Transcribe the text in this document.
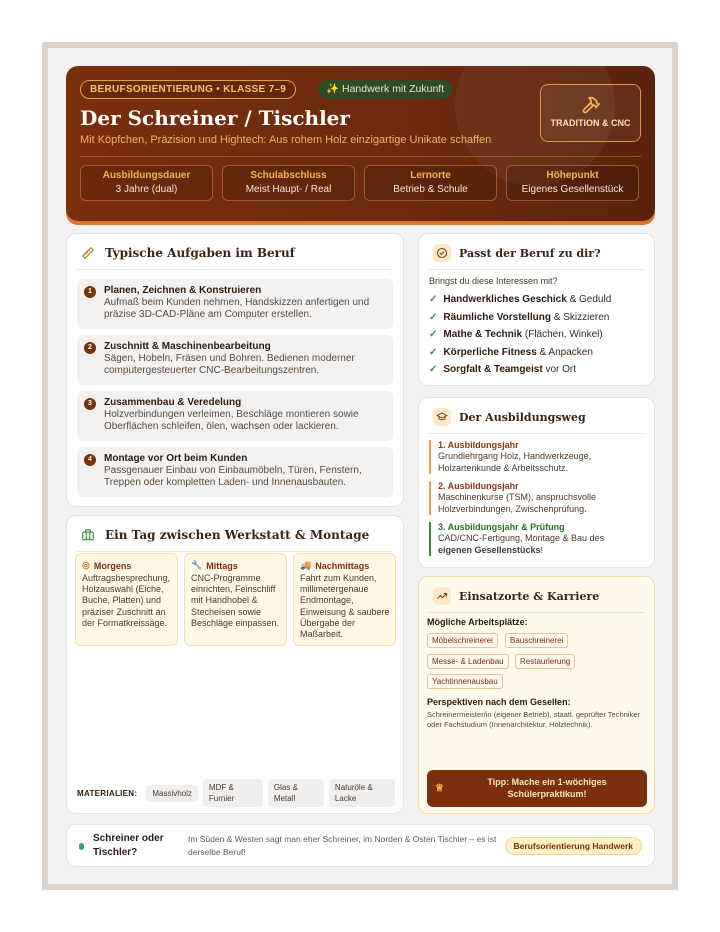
BERUFSORIENTIERUNG • KLASSE 7–9	✨ Handwerk mit Zukunft
Der Schreiner / Tischler
Mit Köpfchen, Präzision und Hightech: Aus rohem Holz einzigartige Unikate schaffen
TRADITION & CNC
Ausbildungsdauer
3 Jahre (dual)
Schulabschluss
Meist Haupt- / Real
Lernorte
Betrieb & Schule
Höhepunkt
Eigenes Gesellenstück
Typische Aufgaben im Beruf
1	Planen, Zeichnen & Konstruieren
Aufmaß beim Kunden nehmen, Handskizzen anfertigen und präzise 3D-CAD-Pläne am Computer erstellen.
2	Zuschnitt & Maschinenbearbeitung
Sägen, Hobeln, Fräsen und Bohren. Bedienen moderner computergesteuerter CNC-Bearbeitungszentren.
3	Zusammenbau & Veredelung
Holzverbindungen verleimen, Beschläge montieren sowie Oberflächen schleifen, ölen, wachsen oder lackieren.
4	Montage vor Ort beim Kunden
Passgenauer Einbau von Einbaumöbeln, Türen, Fenstern, Treppen oder kompletten Laden- und Innenausbauten.
Ein Tag zwischen Werkstatt & Montage
◎ Morgens
Auftragsbesprechung, Holzauswahl (Eiche, Buche, Platten) und präziser Zuschnitt an der Formatkreissäge.
🔧 Mittags
CNC-Programme einrichten, Feinschliff mit Handhobel & Stecheisen sowie Beschläge einpassen.
🚚 Nachmittags
Fahrt zum Kunden, millimetergenaue Endmontage, Einweisung & saubere Übergabe der Maßarbeit.
MATERIALIEN:	Massivholz
MDF & Furnier
Glas & Metall
Naturöle & Lacke
Passt der Beruf zu dir?
Bringst du diese Interessen mit?
✓ Handwerkliches Geschick & Geduld
✓ Räumliche Vorstellung & Skizzieren
✓ Mathe & Technik (Flächen, Winkel)
✓ Körperliche Fitness & Anpacken
✓ Sorgfalt & Teamgeist vor Ort
Der Ausbildungsweg
1. Ausbildungsjahr
Grundlehrgang Holz, Handwerkzeuge, Holzartenkunde & Arbeitsschutz.
2. Ausbildungsjahr
Maschinenkurse (TSM), anspruchsvolle Holzverbindungen, Zwischenprüfung.
3. Ausbildungsjahr & Prüfung
CAD/CNC-Fertigung, Montage & Bau des eigenen Gesellenstücks!
Einsatzorte & Karriere
Mögliche Arbeitsplätze:
Möbelschreinerei	Bauschreinerei
Messe- & Ladenbau	Restaurierung
Yachtinnenausbau
Perspektiven nach dem Gesellen:
Schreinermeister/in (eigener Betrieb), staatl. geprüfter Techniker oder Fachstudium (Innenarchitektur, Holztechnik).
♕
Tipp: Mache ein 1-wöchiges Schülerpraktikum!
Schreiner oder Tischler?
Im Süden & Westen sagt man eher Schreiner, im Norden & Osten Tischler – es ist derselbe Beruf!
Berufsorientierung Handwerk
